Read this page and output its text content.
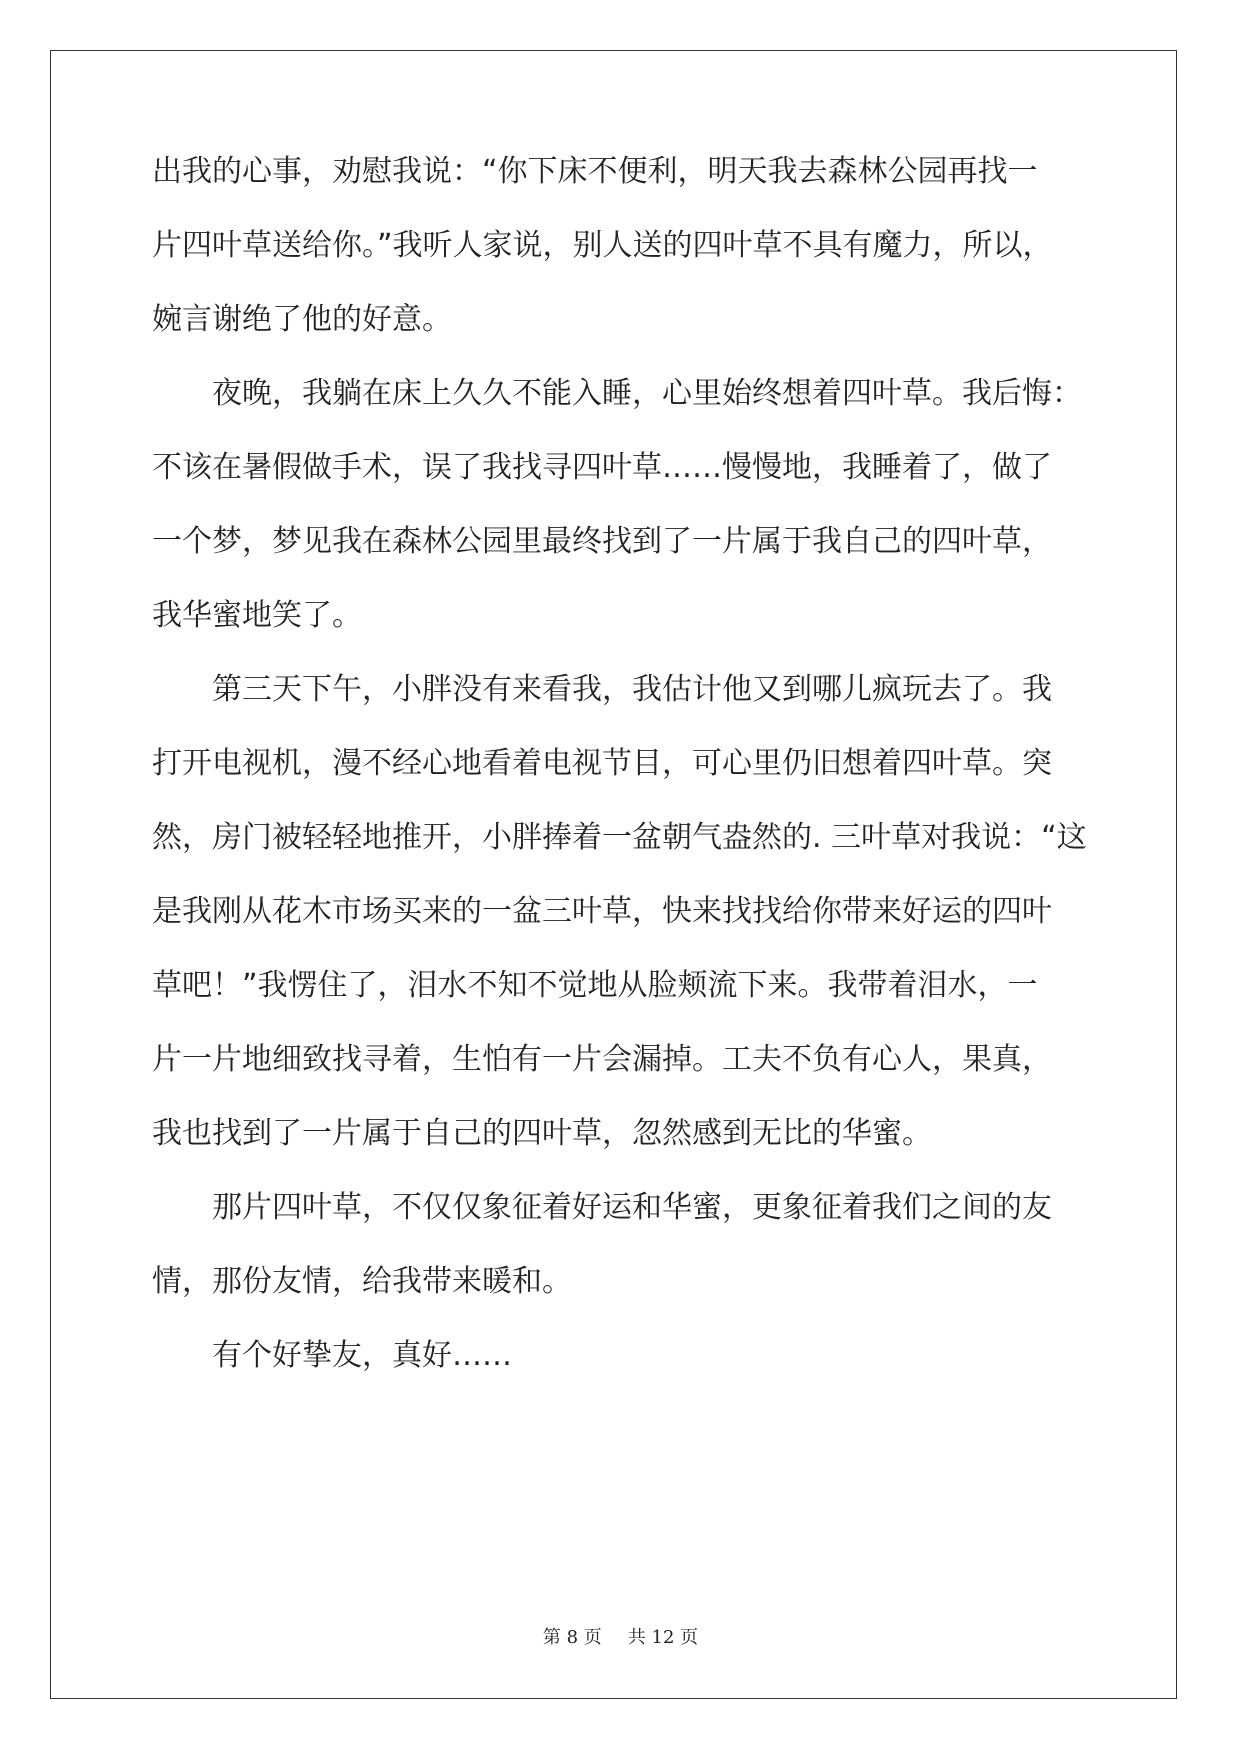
出我的心事，劝慰我说：“你下床不便利，明天我去森林公园再找一
片四叶草送给你。”我听人家说，别人送的四叶草不具有魔力，所以，
婉言谢绝了他的好意。
夜晚，我躺在床上久久不能入睡，心里始终想着四叶草。我后悔：
不该在暑假做手术，误了我找寻四叶草……慢慢地，我睡着了，做了
一个梦，梦见我在森林公园里最终找到了一片属于我自己的四叶草，
我华蜜地笑了。
第三天下午，小胖没有来看我，我估计他又到哪儿疯玩去了。我
打开电视机，漫不经心地看着电视节目，可心里仍旧想着四叶草。突
然，房门被轻轻地推开，小胖捧着一盆朝气盎然的. 三叶草对我说：“这
是我刚从花木市场买来的一盆三叶草，快来找找给你带来好运的四叶
草吧！”我愣住了，泪水不知不觉地从脸颊流下来。我带着泪水，一
片一片地细致找寻着，生怕有一片会漏掉。工夫不负有心人，果真，
我也找到了一片属于自己的四叶草，忽然感到无比的华蜜。
那片四叶草，不仅仅象征着好运和华蜜，更象征着我们之间的友
情，那份友情，给我带来暖和。
有个好挚友，真好……
第 8 页 共 12 页
